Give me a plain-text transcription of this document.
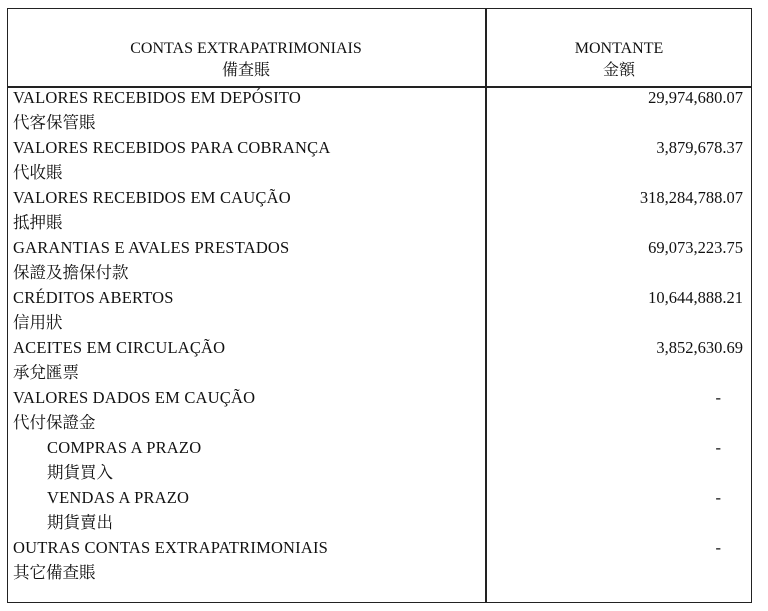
CONTAS EXTRAPATRIMONIAIS
備查賬
MONTANTE
金額
VALORES RECEBIDOS EM DEPÓSITO
代客保管賬
29,974,680.07
VALORES RECEBIDOS PARA COBRANÇA
代收賬
3,879,678.37
VALORES RECEBIDOS EM CAUÇÃO
抵押賬
318,284,788.07
GARANTIAS E AVALES PRESTADOS
保證及擔保付款
69,073,223.75
CRÉDITOS ABERTOS
信用狀
10,644,888.21
ACEITES EM CIRCULAÇÃO
承兌匯票
3,852,630.69
VALORES DADOS EM CAUÇÃO
代付保證金
-
COMPRAS A PRAZO
期貨買入
-
VENDAS A PRAZO
期貨賣出
-
OUTRAS CONTAS EXTRAPATRIMONIAIS
其它備查賬
-
